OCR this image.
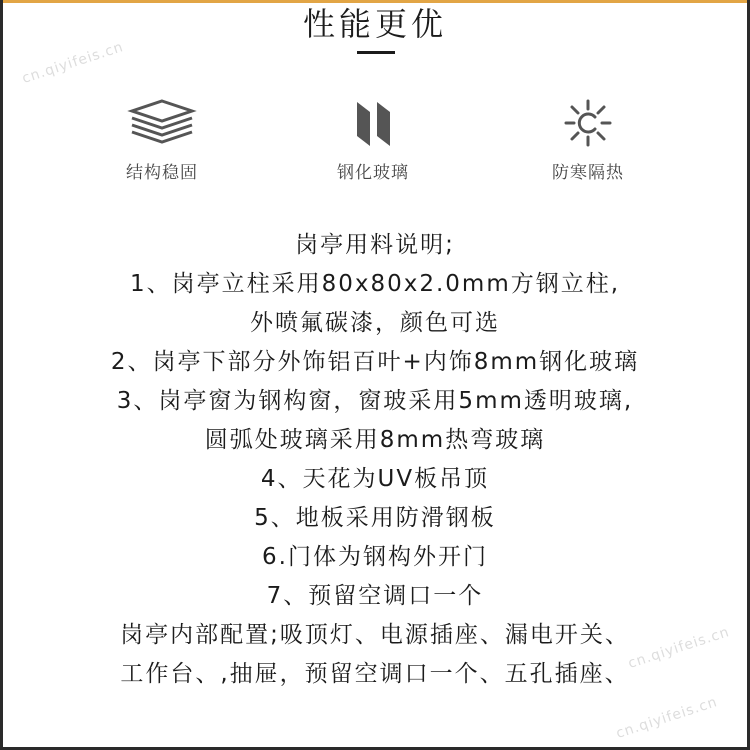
cn.qiyifeis.cn
cn.qiyifeis.cn
cn.qiyifeis.cn
性能更优
结构稳固	钢化玻璃	防寒隔热
岗亭用料说明;
1、岗亭立柱采用80x80x2.0mm方钢立柱,
外喷氟碳漆，颜色可选
2、岗亭下部分外饰铝百叶+内饰8mm钢化玻璃
3、岗亭窗为钢构窗，窗玻采用5mm透明玻璃,
圆弧处玻璃采用8mm热弯玻璃
4、天花为UV板吊顶
5、地板采用防滑钢板
6.门体为钢构外开门
7、预留空调口一个
岗亭内部配置;吸顶灯、电源插座、漏电开关、
工作台、,抽屉，预留空调口一个、五孔插座、
